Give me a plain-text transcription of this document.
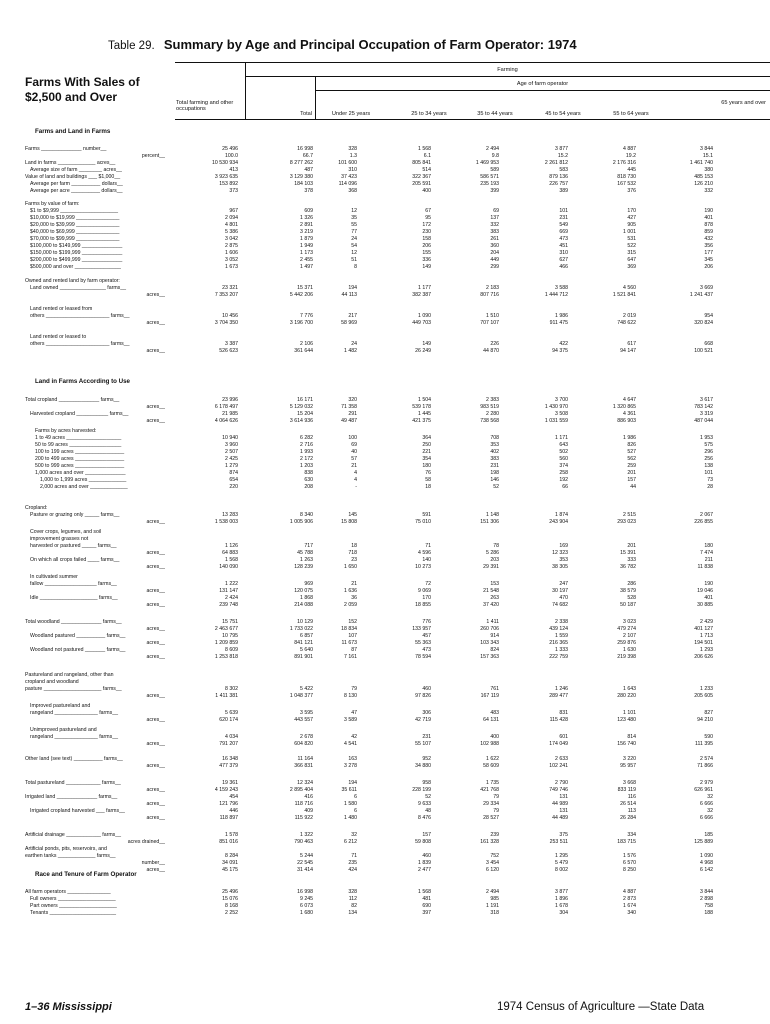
Table 29. Summary by Age and Principal Occupation of Farm Operator: 1974
Farms With Sales of $2,500 and Over
Farming
Age of farm operator
Total farming and other occupations
Total	Under 25 years	25 to 34 years	35 to 44 years	45 to 54 years	55 to 64 years
65 years and over
Farms and Land in Farms
Land in Farms According to Use
Race and Tenure of Farm Operator
Farms ______________ number__	25 496	16 998	328	1 568	2 494	3 877	4 887	3 844
percent__	100.0	66.7	1.3	6.1	9.8	15.2	19.2	15.1
Land in farms _____________ acres__	10 530 934	8 277 262	101 600	805 841	1 469 953	2 261 812	2 176 316	1 461 740
Average size of farm ________ acres__	413	487	310	514	589	583	445	380
Value of land and buildings ___ $1,000__	3 923 635	3 129 380	37 423	322 367	586 571	879 136	818 730	485 153
Average per farm __________ dollars__	153 892	184 103	114 096	205 591	235 193	226 757	167 532	126 210
Average per acre __________ dollars__	373	378	368	400	399	389	376	332
Farms by value of farm:
$1 to $9,999 ____________________	967	609	12	67	69	101	170	190
$10,000 to $19,999 _______________	2 094	1 326	35	95	137	231	427	401
$20,000 to $39,999 _______________	4 801	2 891	55	172	332	549	905	878
$40,000 to $69,999 _______________	5 386	3 219	77	230	383	669	1 001	859
$70,000 to $99,999 _______________	3 042	1 879	24	158	261	473	531	432
$100,000 to $149,999 ______________	2 875	1 949	54	206	360	451	522	356
$150,000 to $199,999 ______________	1 606	1 173	12	155	204	310	315	177
$200,000 to $499,999 ______________	3 052	2 455	51	336	449	627	647	345
$500,000 and over ________________	1 673	1 497	8	149	299	466	369	206
Owned and rented land by farm operator:
Land owned ________________ farms__	23 321	15 371	194	1 177	2 183	3 588	4 560	3 669
acres__	7 353 207	5 442 206	44 113	382 387	807 716	1 444 712	1 521 841	1 241 437
Land rented or leased from
others ______________________ farms__	10 456	7 776	217	1 090	1 510	1 986	2 019	954
acres__	3 704 350	3 196 700	58 969	449 703	707 107	911 475	748 622	320 824
Land rented or leased to
others ______________________ farms__	3 387	2 106	24	149	226	422	617	668
acres__	526 623	361 644	1 482	26 249	44 870	94 375	94 147	100 521
Total cropland ______________ farms__	23 996	16 171	320	1 504	2 383	3 700	4 647	3 617
acres__	6 178 497	5 129 032	71 358	539 178	983 519	1 430 970	1 320 865	783 142
Harvested cropland ___________ farms__	21 985	15 204	291	1 445	2 280	3 508	4 361	3 319
acres__	4 064 626	3 614 936	49 487	421 375	738 568	1 031 559	886 903	487 044
Farms by acres harvested:
1 to 49 acres ___________________	10 940	6 282	100	364	708	1 171	1 986	1 953
50 to 99 acres __________________	3 960	2 716	69	250	353	643	826	575
100 to 199 acres _________________	2 507	1 993	40	221	402	502	527	296
200 to 499 acres _________________	2 425	2 172	57	354	383	560	562	256
500 to 999 acres _________________	1 279	1 203	21	180	231	374	259	138
1,000 acres and over ______________	874	838	4	76	198	258	201	101
1,000 to 1,999 acres _____________	654	630	4	58	146	192	157	73
2,000 acres and over _____________	220	208	-	18	52	66	44	28
Cropland:
Pasture or grazing only _____ farms__	13 283	8 340	145	591	1 148	1 874	2 515	2 067
acres__	1 538 003	1 005 906	15 808	75 010	151 306	243 904	293 023	226 855
Cover crops, legumes, and soil
improvement grasses not
harvested or pastured _____ farms__	1 126	717	18	71	78	169	201	180
acres__	64 883	45 788	718	4 596	5 286	12 323	15 391	7 474
On which all crops failed ____ farms__	1 568	1 263	23	140	203	353	333	211
acres__	140 090	128 239	1 650	10 273	29 391	38 305	36 782	11 838
In cultivated summer
fallow __________________ farms__	1 222	969	21	72	153	247	286	190
acres__	131 147	120 075	1 636	9 069	21 548	30 197	38 579	19 046
Idle ____________________ farms__	2 424	1 868	36	170	263	470	528	401
acres__	239 748	214 088	2 059	18 855	37 420	74 682	50 187	30 885
Total woodland ______________ farms__	15 751	10 129	152	776	1 411	2 338	3 023	2 429
acres__	2 463 677	1 733 022	18 834	133 957	260 706	439 124	479 274	401 127
Woodland pastured __________ farms__	10 795	6 857	107	457	914	1 559	2 107	1 713
acres__	1 209 859	841 121	11 673	55 363	103 343	216 365	259 876	194 501
Woodland not pastured _______ farms__	8 609	5 640	87	473	824	1 333	1 630	1 293
acres__	1 253 818	891 901	7 161	78 594	157 363	222 759	219 398	206 626
Pastureland and rangeland, other than
cropland and woodland
pasture ____________________ farms__	8 302	5 422	79	460	761	1 246	1 643	1 233
acres__	1 411 381	1 048 377	8 130	97 826	167 119	289 477	280 220	205 605
Improved pastureland and
rangeland _______________ farms__	5 639	3 595	47	306	483	831	1 101	827
acres__	620 174	443 557	3 589	42 719	64 131	115 428	123 480	94 210
Unimproved pastureland and
rangeland _______________ farms__	4 034	2 678	42	231	400	601	814	590
acres__	791 207	604 820	4 541	55 107	102 988	174 049	156 740	111 395
Other land (see text) __________ farms__	16 348	11 164	163	952	1 622	2 633	3 220	2 574
acres__	477 379	366 831	3 278	34 880	58 609	102 241	95 957	71 866
Total pastureland ____________ farms__	19 361	12 324	194	958	1 735	2 790	3 668	2 979
acres__	4 159 243	2 895 404	35 611	228 199	421 768	749 746	833 119	626 961
Irrigated land ______________ farms__	454	416	6	52	79	131	116	32
acres__	121 796	118 716	1 580	9 633	29 334	44 989	26 514	6 666
Irrigated cropland harvested ___ farms__	446	409	6	48	79	131	113	32
acres__	118 897	115 922	1 480	8 476	28 527	44 489	26 284	6 666
Artificial drainage ____________ farms__	1 578	1 322	32	157	239	375	334	185
acres drained__	851 016	790 463	6 212	59 808	161 328	253 511	183 715	125 889
Artificial ponds, pits, reservoirs, and
earthen tanks _____________ farms__	8 284	5 244	71	460	752	1 295	1 576	1 090
number__	34 091	22 545	235	1 839	3 454	5 479	6 570	4 968
acres__	45 175	31 414	424	2 477	6 120	8 002	8 250	6 142
All farm operators _______________	25 496	16 998	328	1 568	2 494	3 877	4 887	3 844
Full owners ____________________	15 076	9 245	112	481	985	1 896	2 873	2 898
Part owners ____________________	8 168	6 073	82	690	1 191	1 678	1 674	758
Tenants _______________________	2 252	1 680	134	397	318	304	340	188
1–36 Mississippi	1974 Census of Agriculture —State Data
